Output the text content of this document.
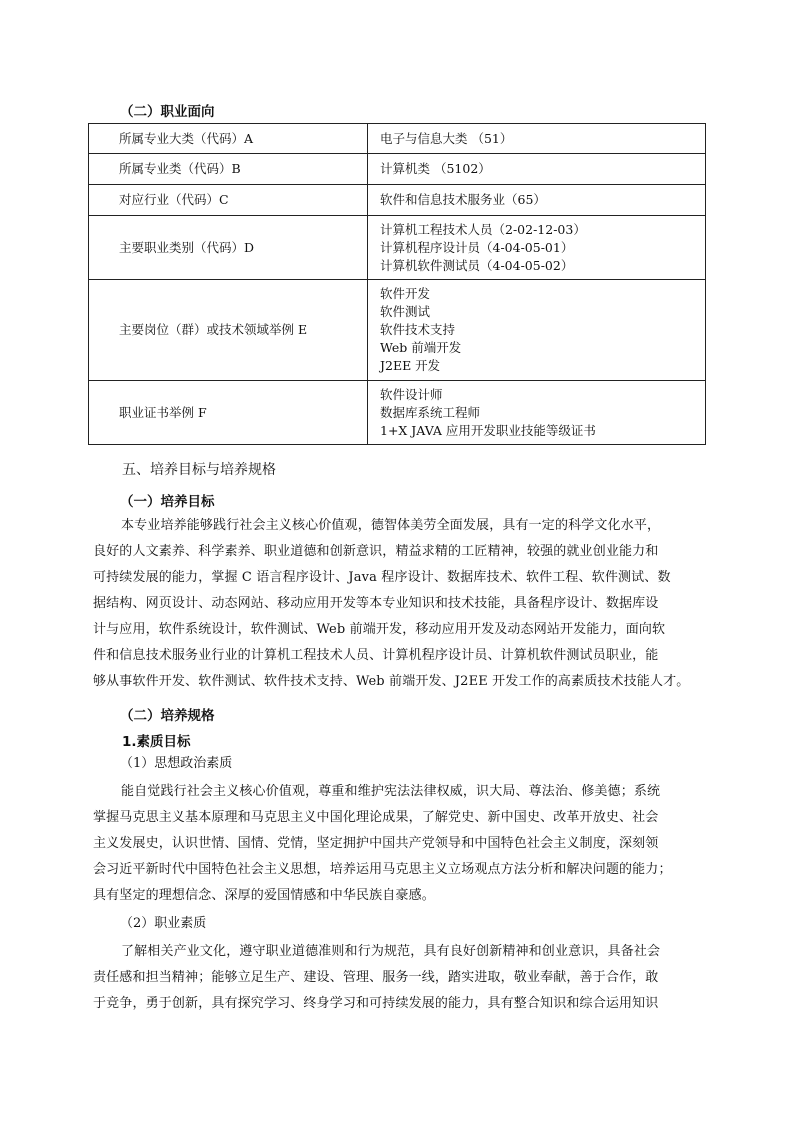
（二）职业面向
所属专业大类（代码）A	电子与信息大类 （51）

所属专业类（代码）B	计算机类 （5102）

对应行业（代码）C	软件和信息技术服务业（65）

主要职业类别（代码）D	计算机工程技术人员（2-02-12-03）
计算机程序设计员（4-04-05-01）
计算机软件测试员（4-04-05-02）

主要岗位（群）或技术领域举例 E	软件开发
软件测试
软件技术支持
Web 前端开发
J2EE 开发

职业证书举例 F	软件设计师
数据库系统工程师
1+X JAVA 应用开发职业技能等级证书
五、培养目标与培养规格
（一）培养目标
本专业培养能够践行社会主义核心价值观，德智体美劳全面发展，具有一定的科学文化水平，
良好的人文素养、科学素养、职业道德和创新意识，精益求精的工匠精神，较强的就业创业能力和
可持续发展的能力，掌握 C 语言程序设计、Java 程序设计、数据库技术、软件工程、软件测试、数
据结构、网页设计、动态网站、移动应用开发等本专业知识和技术技能，具备程序设计、数据库设
计与应用，软件系统设计，软件测试、Web 前端开发，移动应用开发及动态网站开发能力，面向软
件和信息技术服务业行业的计算机工程技术人员、计算机程序设计员、计算机软件测试员职业，能
够从事软件开发、软件测试、软件技术支持、Web 前端开发、J2EE 开发工作的高素质技术技能人才。
（二）培养规格
1.素质目标
（1）思想政治素质
能自觉践行社会主义核心价值观，尊重和维护宪法法律权威，识大局、尊法治、修美德；系统
掌握马克思主义基本原理和马克思主义中国化理论成果，了解党史、新中国史、改革开放史、社会
主义发展史，认识世情、国情、党情，坚定拥护中国共产党领导和中国特色社会主义制度，深刻领
会习近平新时代中国特色社会主义思想，培养运用马克思主义立场观点方法分析和解决问题的能力；
具有坚定的理想信念、深厚的爱国情感和中华民族自豪感。
（2）职业素质
了解相关产业文化，遵守职业道德准则和行为规范，具有良好创新精神和创业意识，具备社会
责任感和担当精神；能够立足生产、建设、管理、服务一线，踏实进取，敬业奉献，善于合作，敢
于竞争，勇于创新，具有探究学习、终身学习和可持续发展的能力，具有整合知识和综合运用知识
